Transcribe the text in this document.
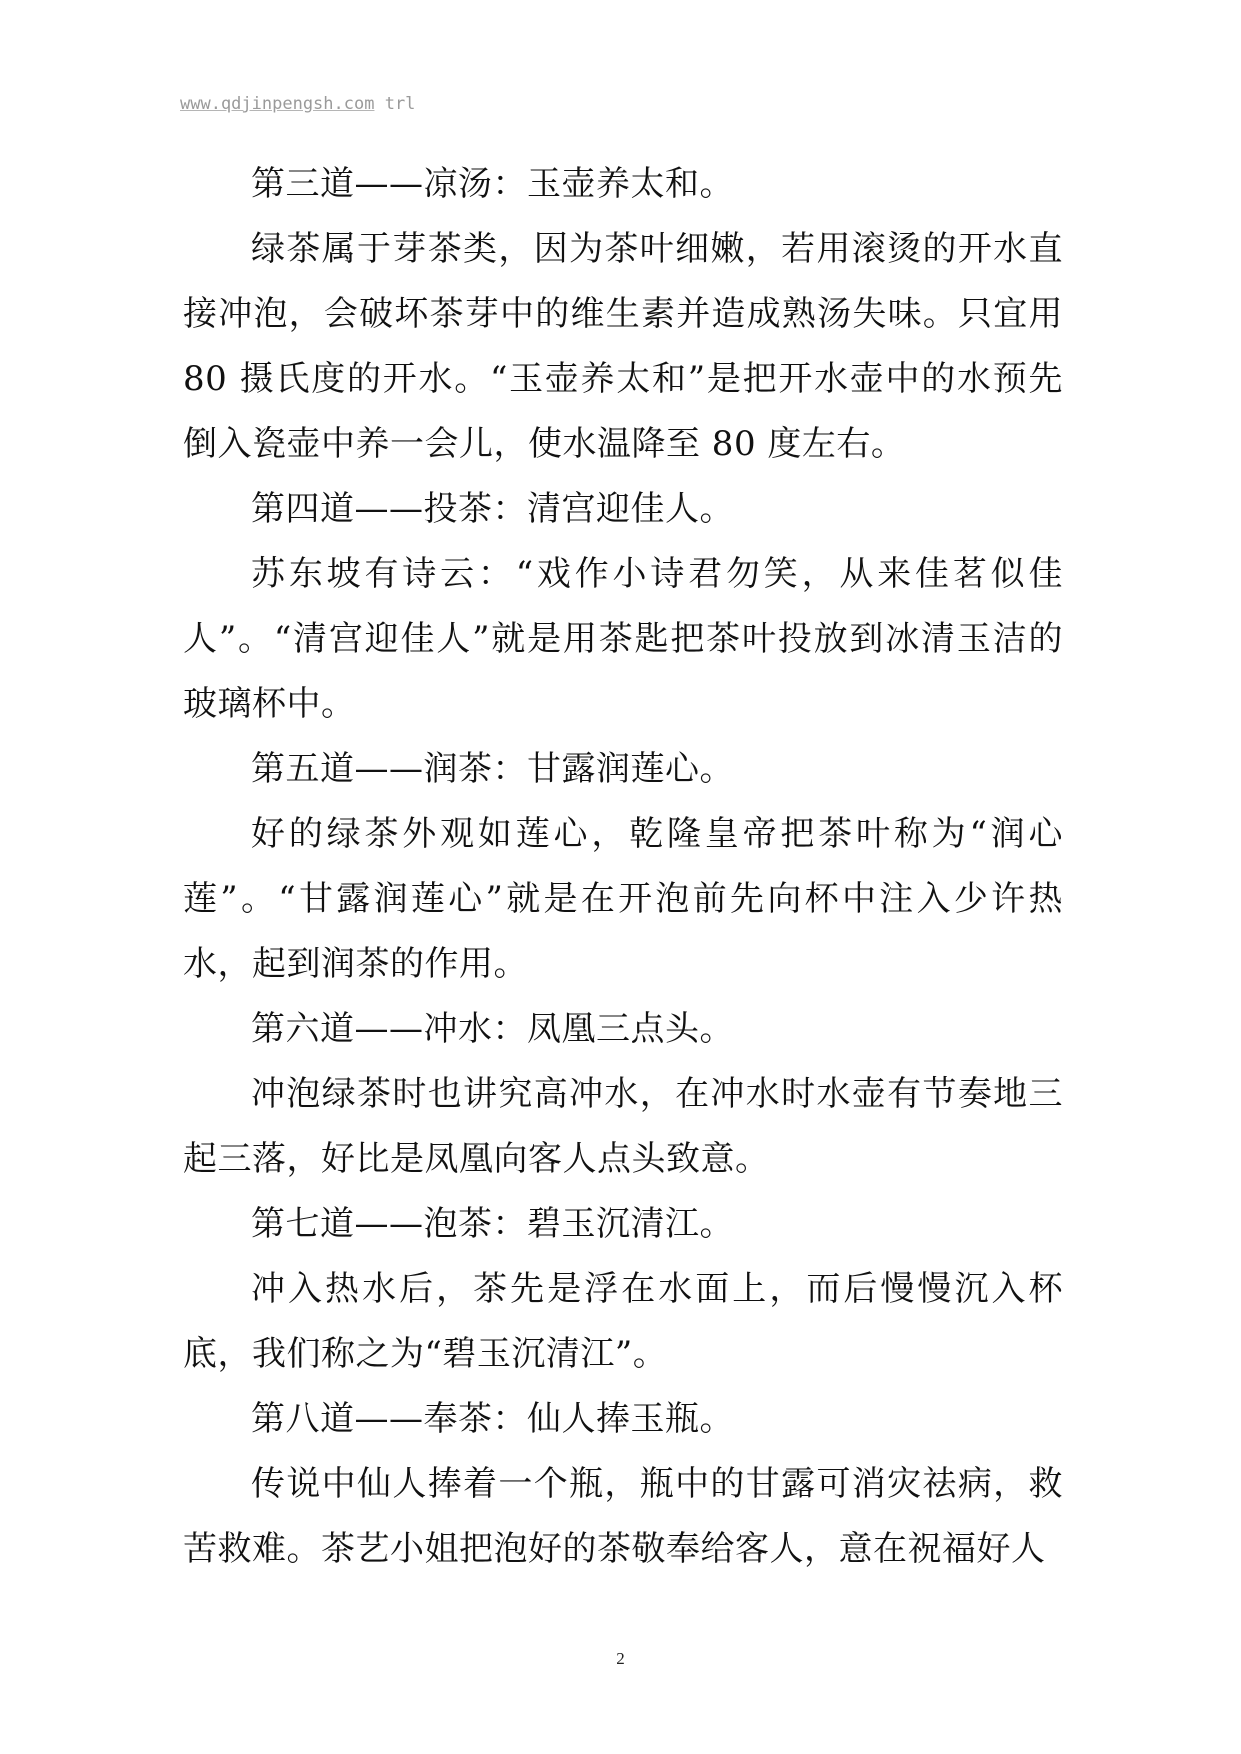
www.qdjinpengsh.com trl

第三道——凉汤：玉壶养太和。

绿茶属于芽茶类，因为茶叶细嫩，若用滚烫的开水直接冲泡，会破坏茶芽中的维生素并造成熟汤失味。只宜用 80 摄氏度的开水。“玉壶养太和”是把开水壶中的水预先倒入瓷壶中养一会儿，使水温降至 80 度左右。

第四道——投茶：清宫迎佳人。

苏东坡有诗云：“戏作小诗君勿笑，从来佳茗似佳人”。“清宫迎佳人”就是用茶匙把茶叶投放到冰清玉洁的玻璃杯中。

第五道——润茶：甘露润莲心。

好的绿茶外观如莲心，乾隆皇帝把茶叶称为“润心莲”。“甘露润莲心”就是在开泡前先向杯中注入少许热水，起到润茶的作用。

第六道——冲水：凤凰三点头。

冲泡绿茶时也讲究高冲水，在冲水时水壶有节奏地三起三落，好比是凤凰向客人点头致意。

第七道——泡茶：碧玉沉清江。

冲入热水后，茶先是浮在水面上，而后慢慢沉入杯底，我们称之为“碧玉沉清江”。

第八道——奉茶：仙人捧玉瓶。

传说中仙人捧着一个瓶，瓶中的甘露可消灾祛病，救苦救难。茶艺小姐把泡好的茶敬奉给客人，意在祝福好人

2
